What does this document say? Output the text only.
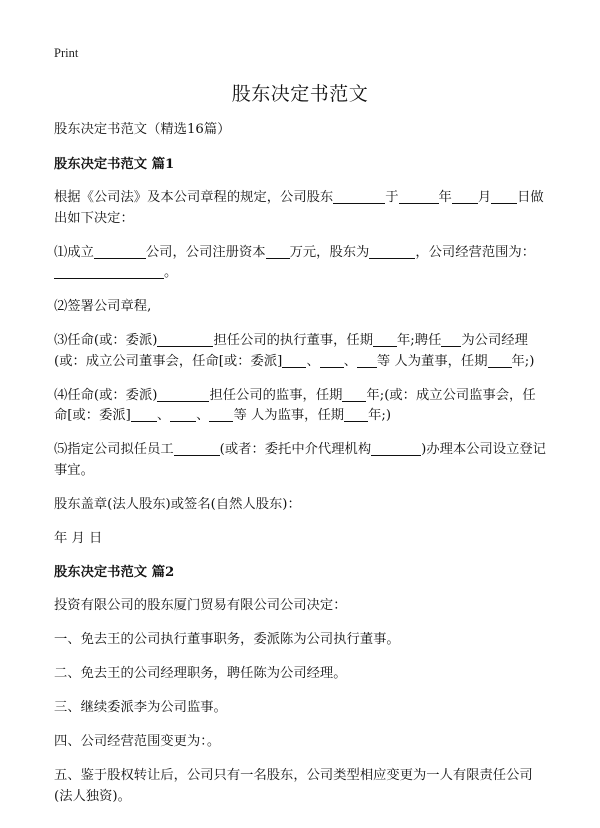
Print
股东决定书范文

股东决定书范文（精选16篇）

股东决定书范文 篇1

根据《公司法》及本公司章程的规定，公司股东	于	年 月 日做出如下决定：

⑴成立	公司，公司注册资本 万元，股东为	，公司经营范围为：。

⑵签署公司章程,

⑶任命(或：委派)	担任公司的执行董事，任期 年;聘任 为公司经理(或：成立公司董事会，任命[或：委派] 、 、 等 人为董事，任期 年;)

⑷任命(或：委派)	担任公司的监事，任期 年;(或：成立公司监事会，任命[或：委派] 、 、 等 人为监事，任期 年;)

⑸指定公司拟任员工	(或者：委托中介代理机构	)办理本公司设立登记事宜。

股东盖章(法人股东)或签名(自然人股东)：

年 月 日

股东决定书范文 篇2

投资有限公司的股东厦门贸易有限公司公司决定：

一、免去王的公司执行董事职务，委派陈为公司执行董事。

二、免去王的公司经理职务，聘任陈为公司经理。

三、继续委派李为公司监事。

四、公司经营范围变更为：。

五、鉴于股权转让后，公司只有一名股东，公司类型相应变更为一人有限责任公司(法人独资)。
